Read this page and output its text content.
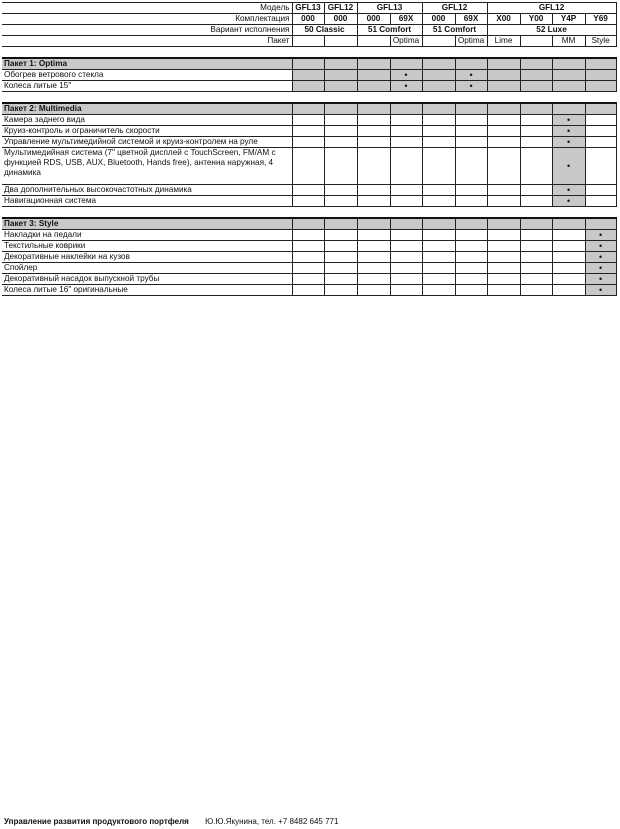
Модель	GFL13	GFL12	GFL13		GFL12		GFL12			
Комплектация	000	000	000	69X	000	69X	X00	Y00	Y4P	Y69
Вариант исполнения	50 Classic		51 Comfort		51 Comfort		52 Luxe			
Пакет				Optima		Optima	Lime		MM	Style

Пакет 1: Optima										
Обогрев ветрового стекла				•		•				
Колеса литые 15"				•		•				

Пакет 2: Multimedia										
Камера заднего вида									•	
Круиз-контроль и ограничитель скорости									•	
Управление мультимедийной системой и круиз-контролем на руле									•	
Мультимедийная система (7" цветной дисплей с TouchScreen, FM/AM с функцией RDS, USB, AUX, Bluetooth, Hands free), антенна наружная, 4 динамика									•	
Два дополнительных высокочастотных динамика									•	
Навигационная система									•	

Пакет 3: Style										
Накладки на педали										•
Текстильные коврики										•
Декоративные наклейки на кузов										•
Спойлер										•
Декоративный насадок выпускной трубы										•
Колеса литые 16" оригинальные										•
Управление развития продуктового портфеля Ю.Ю.Якунина, тел. +7 8482 645 771
